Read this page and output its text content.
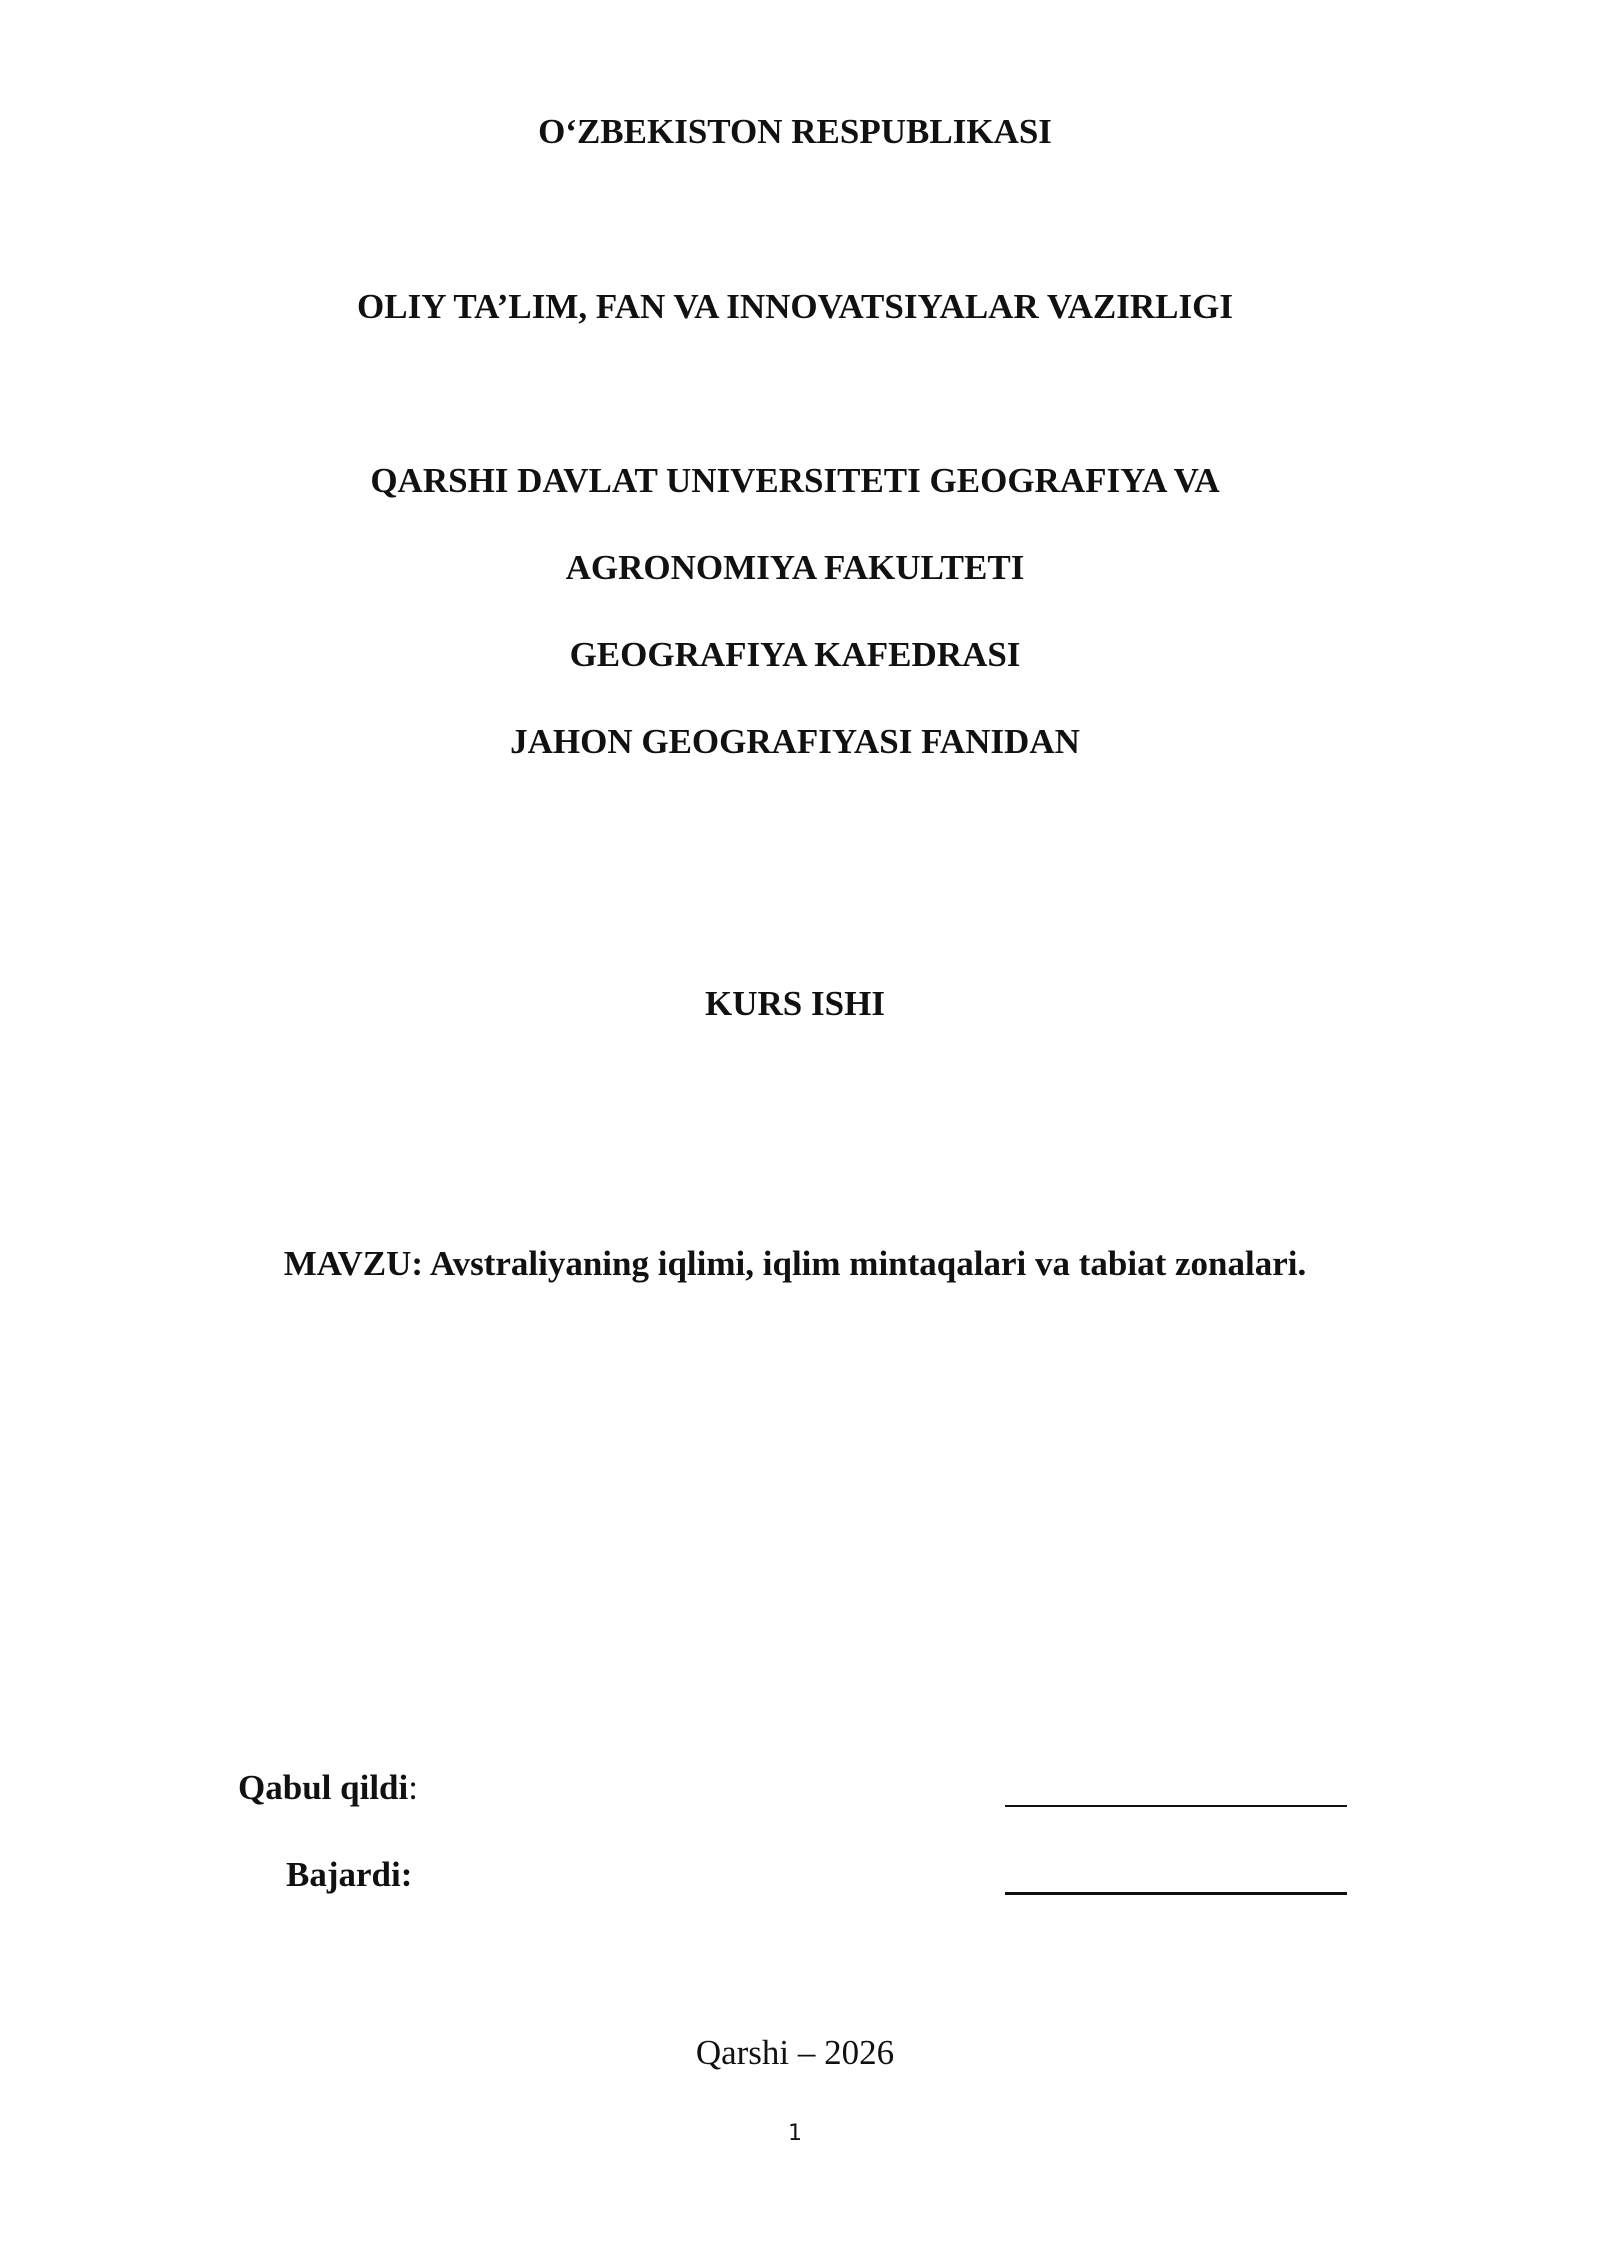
O‘ZBEKISTON RESPUBLIKASI
OLIY TA’LIM, FAN VA INNOVATSIYALAR VAZIRLIGI
QARSHI DAVLAT UNIVERSITETI GEOGRAFIYA VA
AGRONOMIYA FAKULTETI
GEOGRAFIYA KAFEDRASI
JAHON GEOGRAFIYASI FANIDAN
KURS ISHI
MAVZU: Avstraliyaning iqlimi, iqlim mintaqalari va tabiat zonalari.
Qabul qildi:
Bajardi:
Qarshi – 2026
1
